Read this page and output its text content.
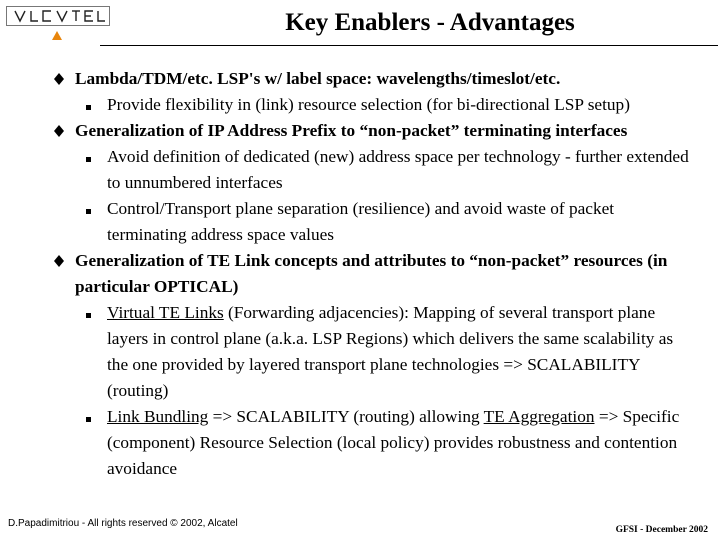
Key Enablers - Advantages
Lambda/TDM/etc. LSP's w/ label space: wavelengths/timeslot/etc.
Provide flexibility in (link) resource selection (for bi-directional LSP setup)
Generalization of IP Address Prefix to “non-packet” terminating interfaces
Avoid definition of dedicated (new) address space per technology - further extended to unnumbered interfaces
Control/Transport plane separation (resilience) and avoid waste of packet terminating address space values
Generalization of TE Link concepts and attributes to “non-packet” resources (in particular OPTICAL)
Virtual TE Links (Forwarding adjacencies): Mapping of several transport plane layers in control plane (a.k.a. LSP Regions) which delivers the same scalability as the one provided by layered transport plane technologies => SCALABILITY (routing)
Link Bundling => SCALABILITY (routing) allowing TE Aggregation => Specific (component) Resource Selection (local policy) provides robustness and contention avoidance
D.Papadimitriou - All rights reserved © 2002, Alcatel
GFSI - December 2002
